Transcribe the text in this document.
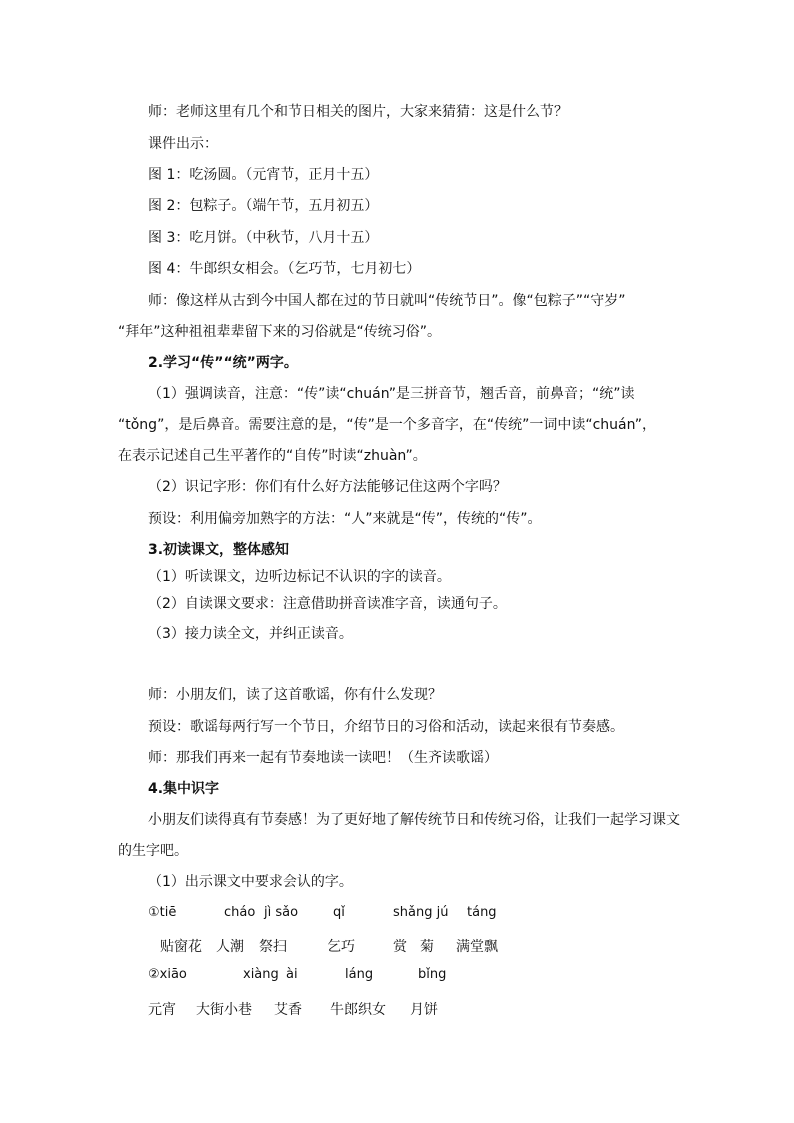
师：老师这里有几个和节日相关的图片，大家来猜猜：这是什么节？
课件出示：
图 1：吃汤圆。（元宵节，正月十五）
图 2：包粽子。（端午节，五月初五）
图 3：吃月饼。（中秋节，八月十五）
图 4：牛郎织女相会。（乞巧节，七月初七）
师：像这样从古到今中国人都在过的节日就叫“传统节日”。像“包粽子”“守岁”
“拜年”这种祖祖辈辈留下来的习俗就是“传统习俗”。
2.学习“传”“统”两字。
（1）强调读音，注意：“传”读“chuán”是三拼音节，翘舌音，前鼻音；“统”读
“tǒng”，是后鼻音。需要注意的是，“传”是一个多音字，在“传统”一词中读“chuán”，
在表示记述自己生平著作的“自传”时读“zhuàn”。
（2）识记字形：你们有什么好方法能够记住这两个字吗？
预设：利用偏旁加熟字的方法：“人”来就是“传”，传统的“传”。
3.初读课文，整体感知
（1）听读课文，边听边标记不认识的字的读音。
（2）自读课文要求：注意借助拼音读准字音，读通句子。
（3）接力读全文，并纠正读音。
师：小朋友们，读了这首歌谣，你有什么发现？
预设：歌谣每两行写一个节日，介绍节日的习俗和活动，读起来很有节奏感。
师：那我们再来一起有节奏地读一读吧！（生齐读歌谣）
4.集中识字
小朋友们读得真有节奏感！为了更好地了解传统节日和传统习俗，让我们一起学习课文
的生字吧。
（1）出示课文中要求会认的字。
①tiē	cháo jì sǎo	qǐ	shǎng jú táng
贴窗花 人潮 祭扫	乞巧	赏 菊 满堂飘
②xiāo	xiàng ài	láng	bǐng
元宵 大街小巷 艾香 牛郎织女 月饼
